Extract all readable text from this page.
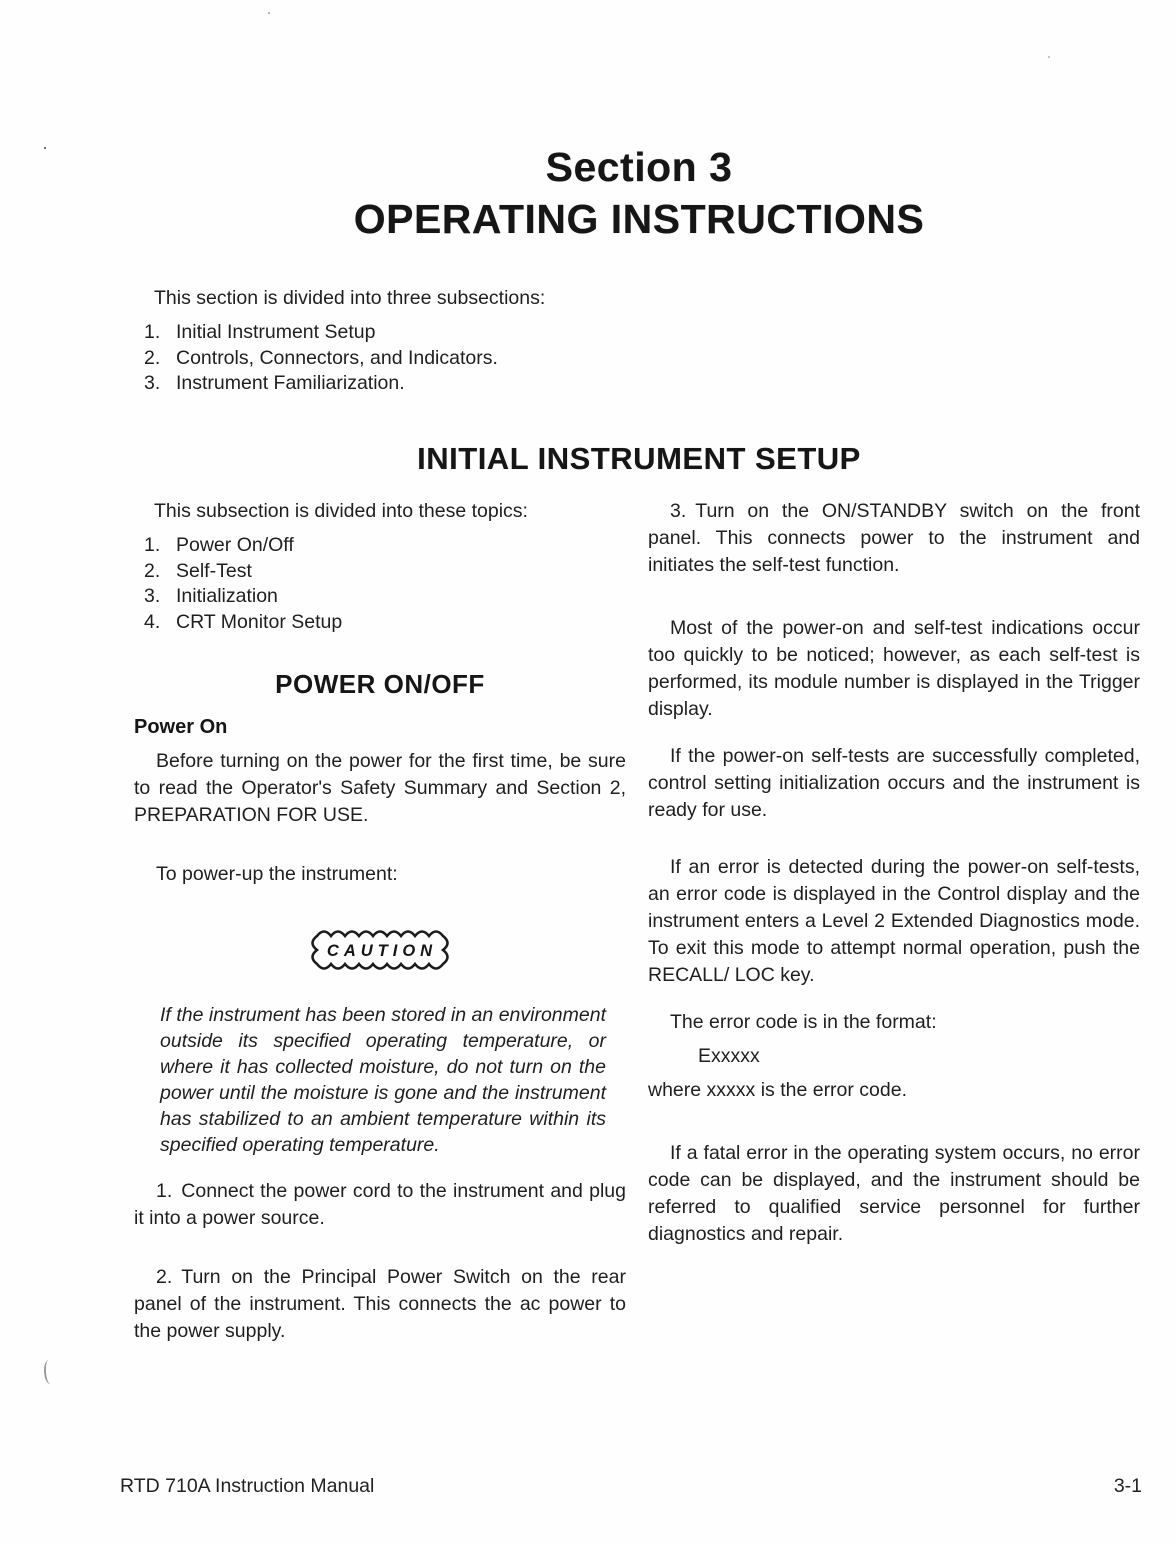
Section 3
OPERATING INSTRUCTIONS
This section is divided into three subsections:
1. Initial Instrument Setup
2. Controls, Connectors, and Indicators.
3. Instrument Familiarization.
INITIAL INSTRUMENT SETUP
This subsection is divided into these topics:
1. Power On/Off
2. Self-Test
3. Initialization
4. CRT Monitor Setup
POWER ON/OFF
Power On

Before turning on the power for the first time, be sure to read the Operator's Safety Summary and Section 2, PREPARATION FOR USE.

To power-up the instrument:

CAUTION

If the instrument has been stored in an environment outside its specified operating temperature, or where it has collected moisture, do not turn on the power until the moisture is gone and the instrument has stabilized to an ambient temperature within its specified operating temperature.

1. Connect the power cord to the instrument and plug it into a power source.

2. Turn on the Principal Power Switch on the rear panel of the instrument. This connects the ac power to the power supply.

3. Turn on the ON/STANDBY switch on the front panel. This connects power to the instrument and initiates the self-test function.

Most of the power-on and self-test indications occur too quickly to be noticed; however, as each self-test is performed, its module number is displayed in the Trigger display.

If the power-on self-tests are successfully completed, control setting initialization occurs and the instrument is ready for use.

If an error is detected during the power-on self-tests, an error code is displayed in the Control display and the instrument enters a Level 2 Extended Diagnostics mode. To exit this mode to attempt normal operation, push the RECALL/ LOC key.

The error code is in the format:

Exxxxx

where xxxxx is the error code.

If a fatal error in the operating system occurs, no error code can be displayed, and the instrument should be referred to qualified service personnel for further diagnostics and repair.

RTD 710A Instruction Manual	3-1
